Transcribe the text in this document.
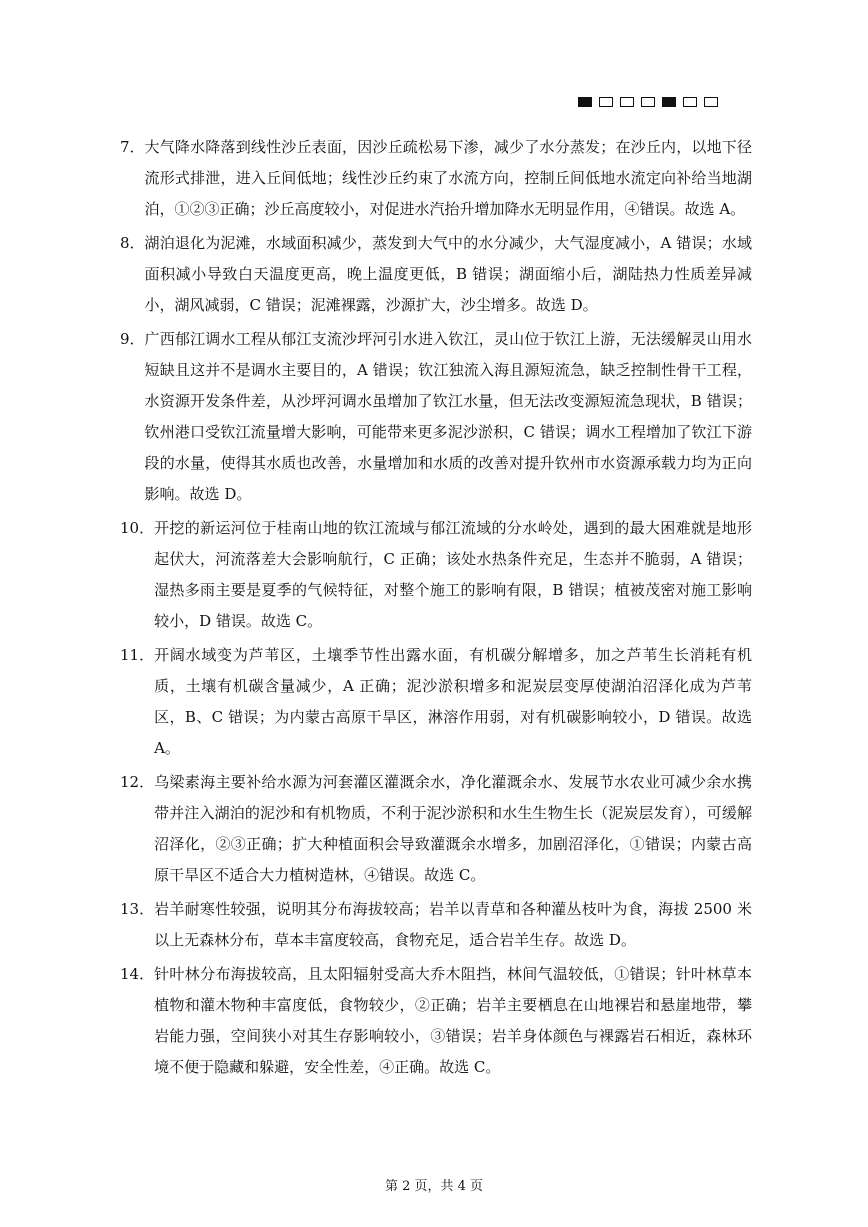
7． 大气降水降落到线性沙丘表面，因沙丘疏松易下渗，减少了水分蒸发；在沙丘内，以地下径流形式排泄，进入丘间低地；线性沙丘约束了水流方向，控制丘间低地水流定向补给当地湖泊，①②③正确；沙丘高度较小，对促进水汽抬升增加降水无明显作用，④错误。故选 A。
8． 湖泊退化为泥滩，水域面积减少，蒸发到大气中的水分减少，大气湿度减小，A 错误；水域面积减小导致白天温度更高，晚上温度更低，B 错误；湖面缩小后，湖陆热力性质差异减小，湖风减弱，C 错误；泥滩裸露，沙源扩大，沙尘增多。故选 D。
9． 广西郁江调水工程从郁江支流沙坪河引水进入钦江，灵山位于钦江上游，无法缓解灵山用水短缺且这并不是调水主要目的，A 错误；钦江独流入海且源短流急，缺乏控制性骨干工程，水资源开发条件差，从沙坪河调水虽增加了钦江水量，但无法改变源短流急现状，B 错误；钦州港口受钦江流量增大影响，可能带来更多泥沙淤积，C 错误；调水工程增加了钦江下游段的水量，使得其水质也改善，水量增加和水质的改善对提升钦州市水资源承载力均为正向影响。故选 D。
10． 开挖的新运河位于桂南山地的钦江流域与郁江流域的分水岭处，遇到的最大困难就是地形起伏大，河流落差大会影响航行，C 正确；该处水热条件充足，生态并不脆弱，A 错误；湿热多雨主要是夏季的气候特征，对整个施工的影响有限，B 错误；植被茂密对施工影响较小，D 错误。故选 C。
11． 开阔水域变为芦苇区，土壤季节性出露水面，有机碳分解增多，加之芦苇生长消耗有机质，土壤有机碳含量减少，A 正确；泥沙淤积增多和泥炭层变厚使湖泊沼泽化成为芦苇区，B、C 错误；为内蒙古高原干旱区，淋溶作用弱，对有机碳影响较小，D 错误。故选 A。
12． 乌梁素海主要补给水源为河套灌区灌溉余水，净化灌溉余水、发展节水农业可减少余水携带并注入湖泊的泥沙和有机物质，不利于泥沙淤积和水生生物生长（泥炭层发育），可缓解沼泽化，②③正确；扩大种植面积会导致灌溉余水增多，加剧沼泽化，①错误；内蒙古高原干旱区不适合大力植树造林，④错误。故选 C。
13． 岩羊耐寒性较强，说明其分布海拔较高；岩羊以青草和各种灌丛枝叶为食，海拔 2500 米以上无森林分布，草本丰富度较高，食物充足，适合岩羊生存。故选 D。
14． 针叶林分布海拔较高，且太阳辐射受高大乔木阻挡，林间气温较低，①错误；针叶林草本植物和灌木物种丰富度低，食物较少，②正确；岩羊主要栖息在山地裸岩和悬崖地带，攀岩能力强，空间狭小对其生存影响较小，③错误；岩羊身体颜色与裸露岩石相近，森林环境不便于隐藏和躲避，安全性差，④正确。故选 C。
第 2 页，共 4 页
